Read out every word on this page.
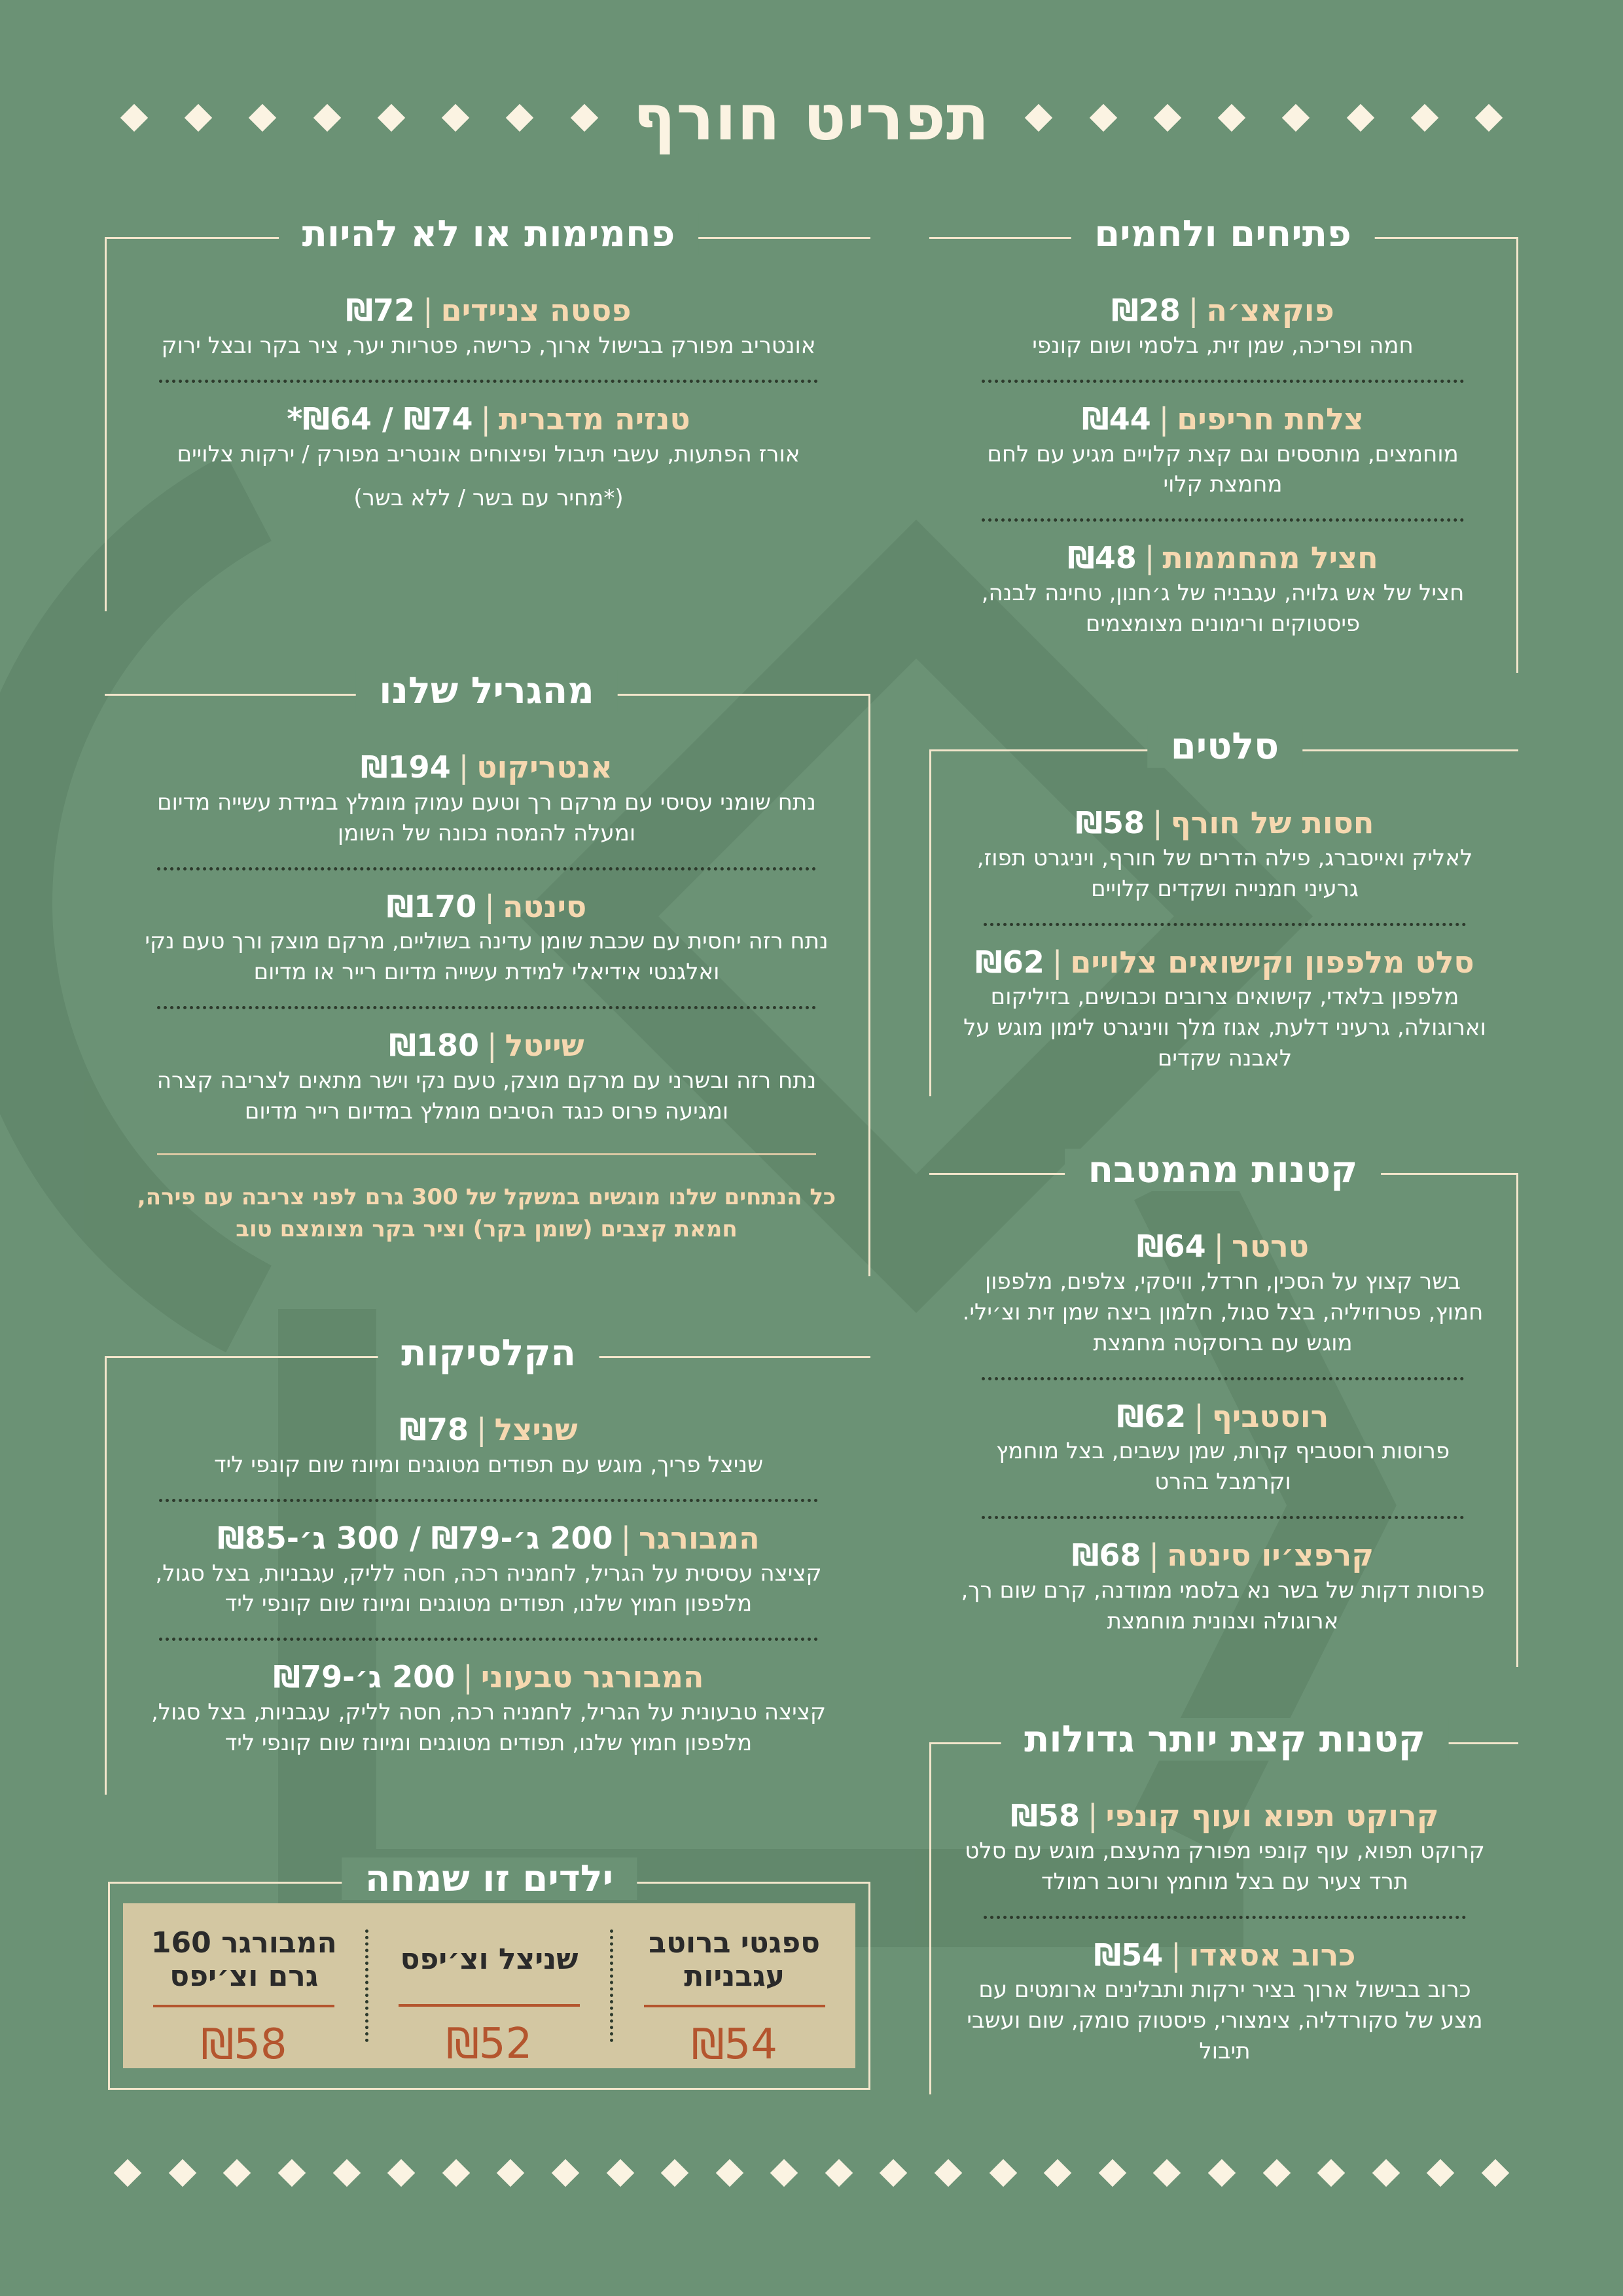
תפריט חורף
פתיחים ולחמים
פוקאצ׳ה|₪28
חמה ופריכה, שמן זית, בלסמי ושום קונפי
צלחת חריפים|₪44
מוחמצים, מותססים וגם קצת קלויים מגיע עם לחם מחמצת קלוי
חציל מהחממות|₪48
חציל של אש גלויה, עגבניה של ג׳חנון, טחינה לבנה, פיסטוקים ורימונים מצומצמים
פחמימות או לא להיות
פסטה צניידים|₪72
אונטריב מפורק בבישול ארוך, כרישה, פטריות יער, ציר בקר ובצל ירוק
טנזיה מדברית|₪74 / ₪64*
אורז הפתעות, עשבי תיבול ופיצוחים אונטריב מפורק / ירקות צלויים
(*מחיר עם בשר / ללא בשר)
מהגריל שלנו
אנטריקוט|₪194
נתח שומני עסיסי עם מרקם רך וטעם עמוק מומלץ במידת עשייה מדיום ומעלה להמסה נכונה של השומן
סינטה|₪170
נתח רזה יחסית עם שכבת שומן עדינה בשוליים, מרקם מוצק ורך טעם נקי ואלגנטי אידיאלי למידת עשייה מדיום רייר או מדיום
שייטל|₪180
נתח רזה ובשרני עם מרקם מוצק, טעם נקי וישר מתאים לצריבה קצרה ומגיעה פרוס כנגד הסיבים מומלץ במדיום רייר מדיום
כל הנתחים שלנו מוגשים במשקל של 300 גרם לפני צריבה עם פירה, חמאת קצבים (שומן בקר) וציר בקר מצומצם טוב
סלטים
חסות של חורף|₪58
לאליק ואייסברג, פילה הדרים של חורף, ויניגרט תפוז, גרעיני חמנייה ושקדים קלויים
סלט מלפפון וקישואים צלויים|₪62
מלפפון בלאדי, קישואים צרובים וכבושים, בזיליקום וארוגולה, גרעיני דלעת, אגוז מלך וויניגרט לימון מוגש על לאבנה שקדים
קטנות מהמטבח
טרטר|₪64
בשר קצוץ על הסכין, חרדל, וויסקי, צלפים, מלפפון חמוץ, פטרוזיליה, בצל סגול, חלמון ביצה שמן זית וצ׳ילי. מוגש עם ברוסקטה מחמצת
רוסטביף|₪62
פרוסות רוסטביף קרות, שמן עשבים, בצל מוחמץ וקרמבל בהרט
קרפצ׳יו סינטה|₪68
פרוסות דקות של בשר נא בלסמי ממודנה, קרם שום רך, ארוגולה וצנונית מוחמצת
הקלסיקות
שניצל|₪78
שניצל פריך, מוגש עם תפודים מטוגנים ומיונז שום קונפי ליד
המבורגר|200 ג׳-₪79 / 300 ג׳-₪85
קציצה עסיסית על הגריל, לחמניה רכה, חסה לליק, עגבניות, בצל סגול, מלפפון חמוץ שלנו, תפודים מטוגנים ומיונז שום קונפי ליד
המבורגר טבעוני|200 ג׳-₪79
קציצה טבעונית על הגריל, לחמניה רכה, חסה לליק, עגבניות, בצל סגול, מלפפון חמוץ שלנו, תפודים מטוגנים ומיונז שום קונפי ליד	קטנות קצת יותר גדולות
קרוקט תפוא ועוף קונפי|₪58
קרוקט תפוא, עוף קונפי מפורק מהעצם, מוגש עם סלט תרד צעיר עם בצל מוחמץ ורוטב רמולד
כרוב אסאדו|₪54
כרוב בבישול ארוך בציר ירקות ותבלינים ארומטים עם מצע של סקורדליה, צימצורי, פיסטוק סומק, שום ועשבי תיבול
ילדים זו שמחה
ספגטי ברוטב עגבניות
₪54
שניצל וצ׳יפס
₪52
המבורגר 160 גרם וצ׳יפס
₪58
